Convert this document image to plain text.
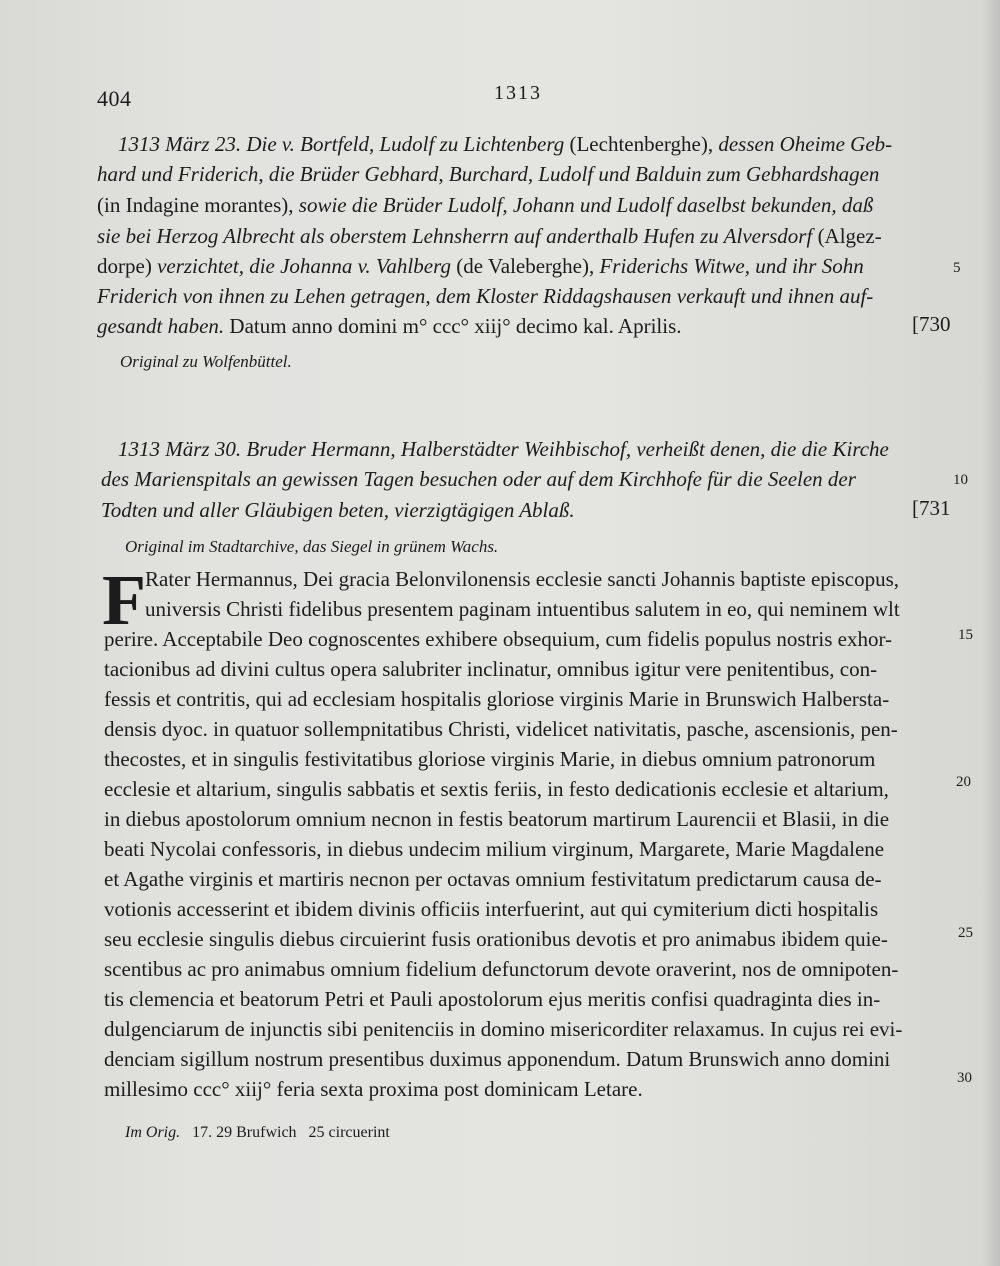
404	1313
1313 März 23. Die v. Bortfeld, Ludolf zu Lichtenberg (Lechtenberghe), dessen Oheime Geb-
hard und Friderich, die Brüder Gebhard, Burchard, Ludolf und Balduin zum Gebhardshagen
(in Indagine morantes), sowie die Brüder Ludolf, Johann und Ludolf daselbst bekunden, daß
sie bei Herzog Albrecht als oberstem Lehnsherrn auf anderthalb Hufen zu Alversdorf (Algez-
dorpe) verzichtet, die Johanna v. Vahlberg (de Valeberghe), Friderichs Witwe, und ihr Sohn
Friderich von ihnen zu Lehen getragen, dem Kloster Riddagshausen verkauft und ihnen auf-
gesandt haben. Datum anno domini m° ccc° xiij° decimo kal. Aprilis.
5
[730
Original zu Wolfenbüttel.
1313 März 30. Bruder Hermann, Halberstädter Weihbischof, verheißt denen, die die Kirche
des Marienspitals an gewissen Tagen besuchen oder auf dem Kirchhofe für die Seelen der
Todten und aller Gläubigen beten, vierzigtägigen Ablaß.
10
[731
Original im Stadtarchive, das Siegel in grünem Wachs.
F Rater Hermannus, Dei gracia Belonvilonensis ecclesie sancti Johannis baptiste episcopus,
universis Christi fidelibus presentem paginam intuentibus salutem in eo, qui neminem wlt
perire. Acceptabile Deo cognoscentes exhibere obsequium, cum fidelis populus nostris exhor-
tacionibus ad divini cultus opera salubriter inclinatur, omnibus igitur vere penitentibus, con-
fessis et contritis, qui ad ecclesiam hospitalis gloriose virginis Marie in Brunswich Halbersta-
densis dyoc. in quatuor sollempnitatibus Christi, videlicet nativitatis, pasche, ascensionis, pen-
thecostes, et in singulis festivitatibus gloriose virginis Marie, in diebus omnium patronorum
ecclesie et altarium, singulis sabbatis et sextis feriis, in festo dedicationis ecclesie et altarium,
in diebus apostolorum omnium necnon in festis beatorum martirum Laurencii et Blasii, in die
beati Nycolai confessoris, in diebus undecim milium virginum, Margarete, Marie Magdalene
et Agathe virginis et martiris necnon per octavas omnium festivitatum predictarum causa de-
votionis accesserint et ibidem divinis officiis interfuerint, aut qui cymiterium dicti hospitalis
seu ecclesie singulis diebus circuierint fusis orationibus devotis et pro animabus ibidem quie-
scentibus ac pro animabus omnium fidelium defunctorum devote oraverint, nos de omnipoten-
tis clemencia et beatorum Petri et Pauli apostolorum ejus meritis confisi quadraginta dies in-
dulgenciarum de injunctis sibi penitenciis in domino misericorditer relaxamus. In cujus rei evi-
denciam sigillum nostrum presentibus duximus apponendum. Datum Brunswich anno domini
millesimo ccc° xiij° feria sexta proxima post dominicam Letare.
15
20
25
30
Im Orig. 17. 29 Brufwich   25 circuerint
